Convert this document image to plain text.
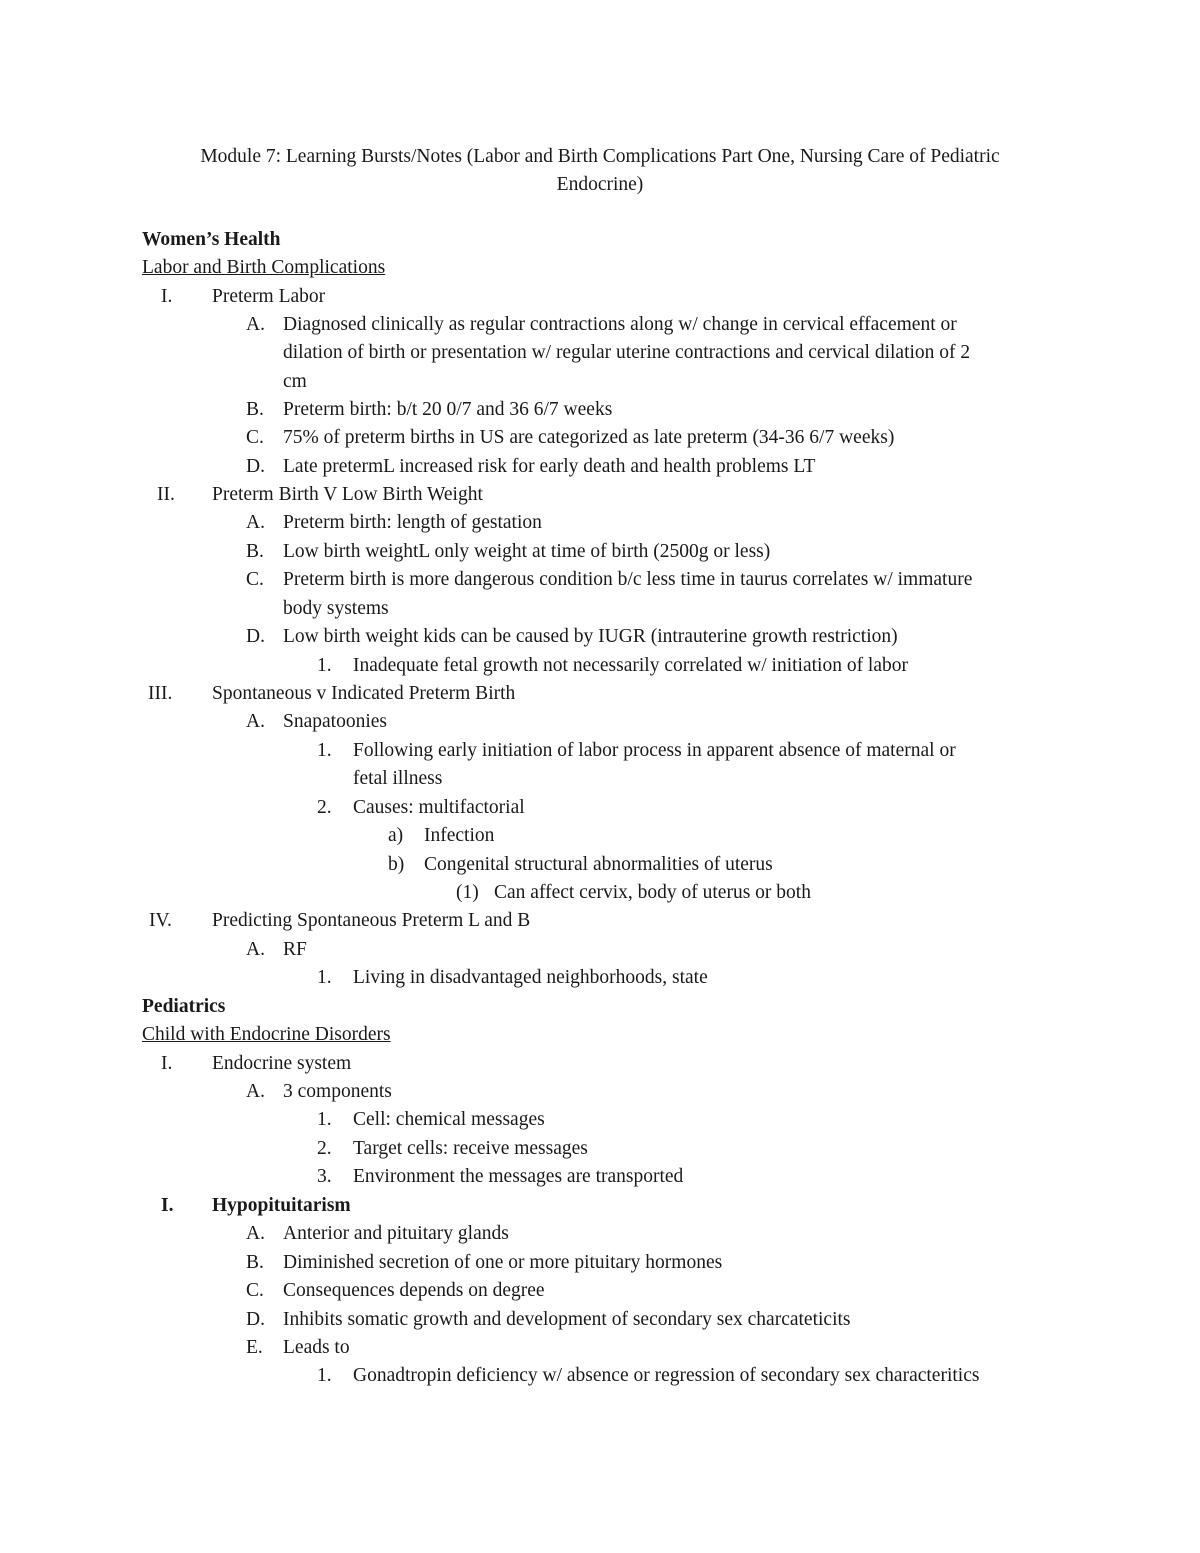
Module 7: Learning Bursts/Notes (Labor and Birth Complications Part One, Nursing Care of Pediatric
Endocrine)
Women’s Health
Labor and Birth Complications
I. Preterm Labor
A. Diagnosed clinically as regular contractions along w/ change in cervical effacement or
dilation of birth or presentation w/ regular uterine contractions and cervical dilation of 2
cm
B. Preterm birth: b/t 20 0/7 and 36 6/7 weeks
C. 75% of preterm births in US are categorized as late preterm (34-36 6/7 weeks)
D. Late pretermL increased risk for early death and health problems LT
II. Preterm Birth V Low Birth Weight
A. Preterm birth: length of gestation
B. Low birth weightL only weight at time of birth (2500g or less)
C. Preterm birth is more dangerous condition b/c less time in taurus correlates w/ immature
body systems
D. Low birth weight kids can be caused by IUGR (intrauterine growth restriction)
1. Inadequate fetal growth not necessarily correlated w/ initiation of labor
III. Spontaneous v Indicated Preterm Birth
A. Snapatoonies
1. Following early initiation of labor process in apparent absence of maternal or
fetal illness
2. Causes: multifactorial
a) Infection
b) Congenital structural abnormalities of uterus
(1) Can affect cervix, body of uterus or both
IV. Predicting Spontaneous Preterm L and B
A. RF
1. Living in disadvantaged neighborhoods, state
Pediatrics
Child with Endocrine Disorders
I. Endocrine system
A. 3 components
1. Cell: chemical messages
2. Target cells: receive messages
3. Environment the messages are transported
I. Hypopituitarism
A. Anterior and pituitary glands
B. Diminished secretion of one or more pituitary hormones
C. Consequences depends on degree
D. Inhibits somatic growth and development of secondary sex charcateticits
E. Leads to
1. Gonadtropin deficiency w/ absence or regression of secondary sex characteritics
